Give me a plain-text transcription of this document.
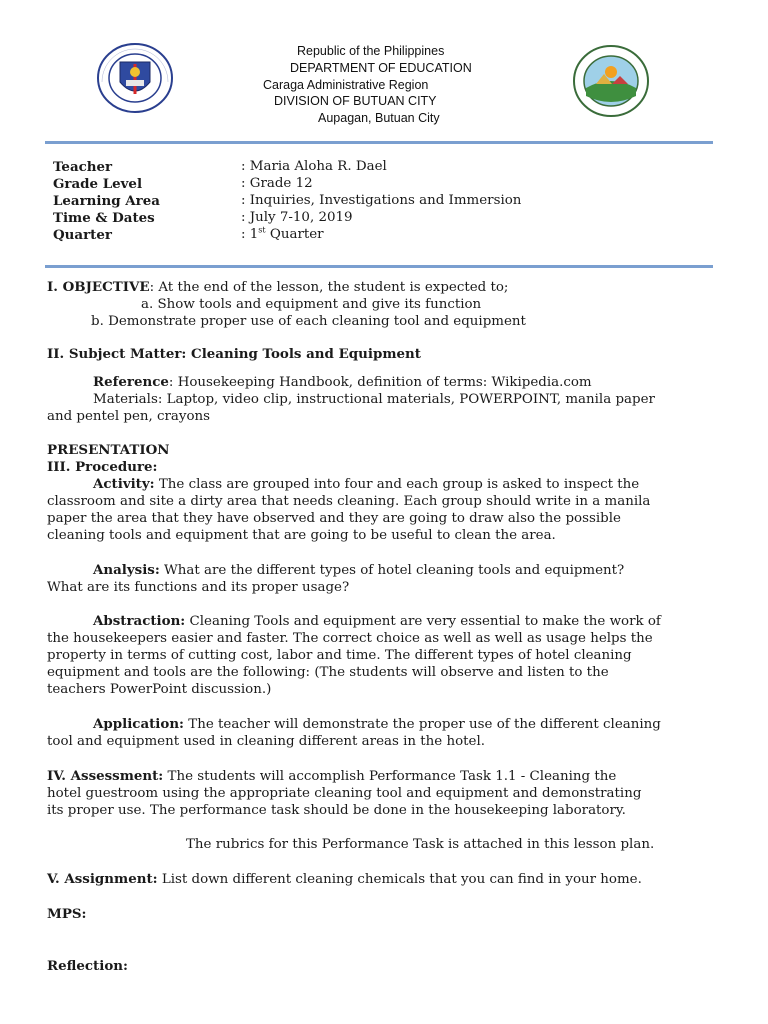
Republic of the Philippines
DEPARTMENT OF EDUCATION
Caraga Administrative Region
DIVISION OF BUTUAN CITY
Aupagan, Butuan City
Teacher	: Maria Aloha R. Dael
Grade Level	: Grade 12
Learning Area	: Inquiries, Investigations and Immersion
Time & Dates	: July 7-10, 2019
Quarter	: 1st Quarter
I. OBJECTIVE: At the end of the lesson, the student is expected to;
a. Show tools and equipment and give its function
b. Demonstrate proper use of each cleaning tool and equipment
II. Subject Matter: Cleaning Tools and Equipment
Reference: Housekeeping Handbook, definition of terms: Wikipedia.com
Materials: Laptop, video clip, instructional materials, POWERPOINT, manila paper
and pentel pen, crayons
PRESENTATION
III. Procedure:
Activity: The class are grouped into four and each group is asked to inspect the
classroom and site a dirty area that needs cleaning. Each group should write in a manila
paper the area that they have observed and they are going to draw also the possible
cleaning tools and equipment that are going to be useful to clean the area.
Analysis: What are the different types of hotel cleaning tools and equipment?
What are its functions and its proper usage?
Abstraction: Cleaning Tools and equipment are very essential to make the work of
the housekeepers easier and faster. The correct choice as well as well as usage helps the
property in terms of cutting cost, labor and time. The different types of hotel cleaning
equipment and tools are the following: (The students will observe and listen to the
teachers PowerPoint discussion.)
Application: The teacher will demonstrate the proper use of the different cleaning
tool and equipment used in cleaning different areas in the hotel.
IV. Assessment: The students will accomplish Performance Task 1.1 - Cleaning the
hotel guestroom using the appropriate cleaning tool and equipment and demonstrating
its proper use. The performance task should be done in the housekeeping laboratory.
The rubrics for this Performance Task is attached in this lesson plan.
V. Assignment: List down different cleaning chemicals that you can find in your home.
MPS:
Reflection:
